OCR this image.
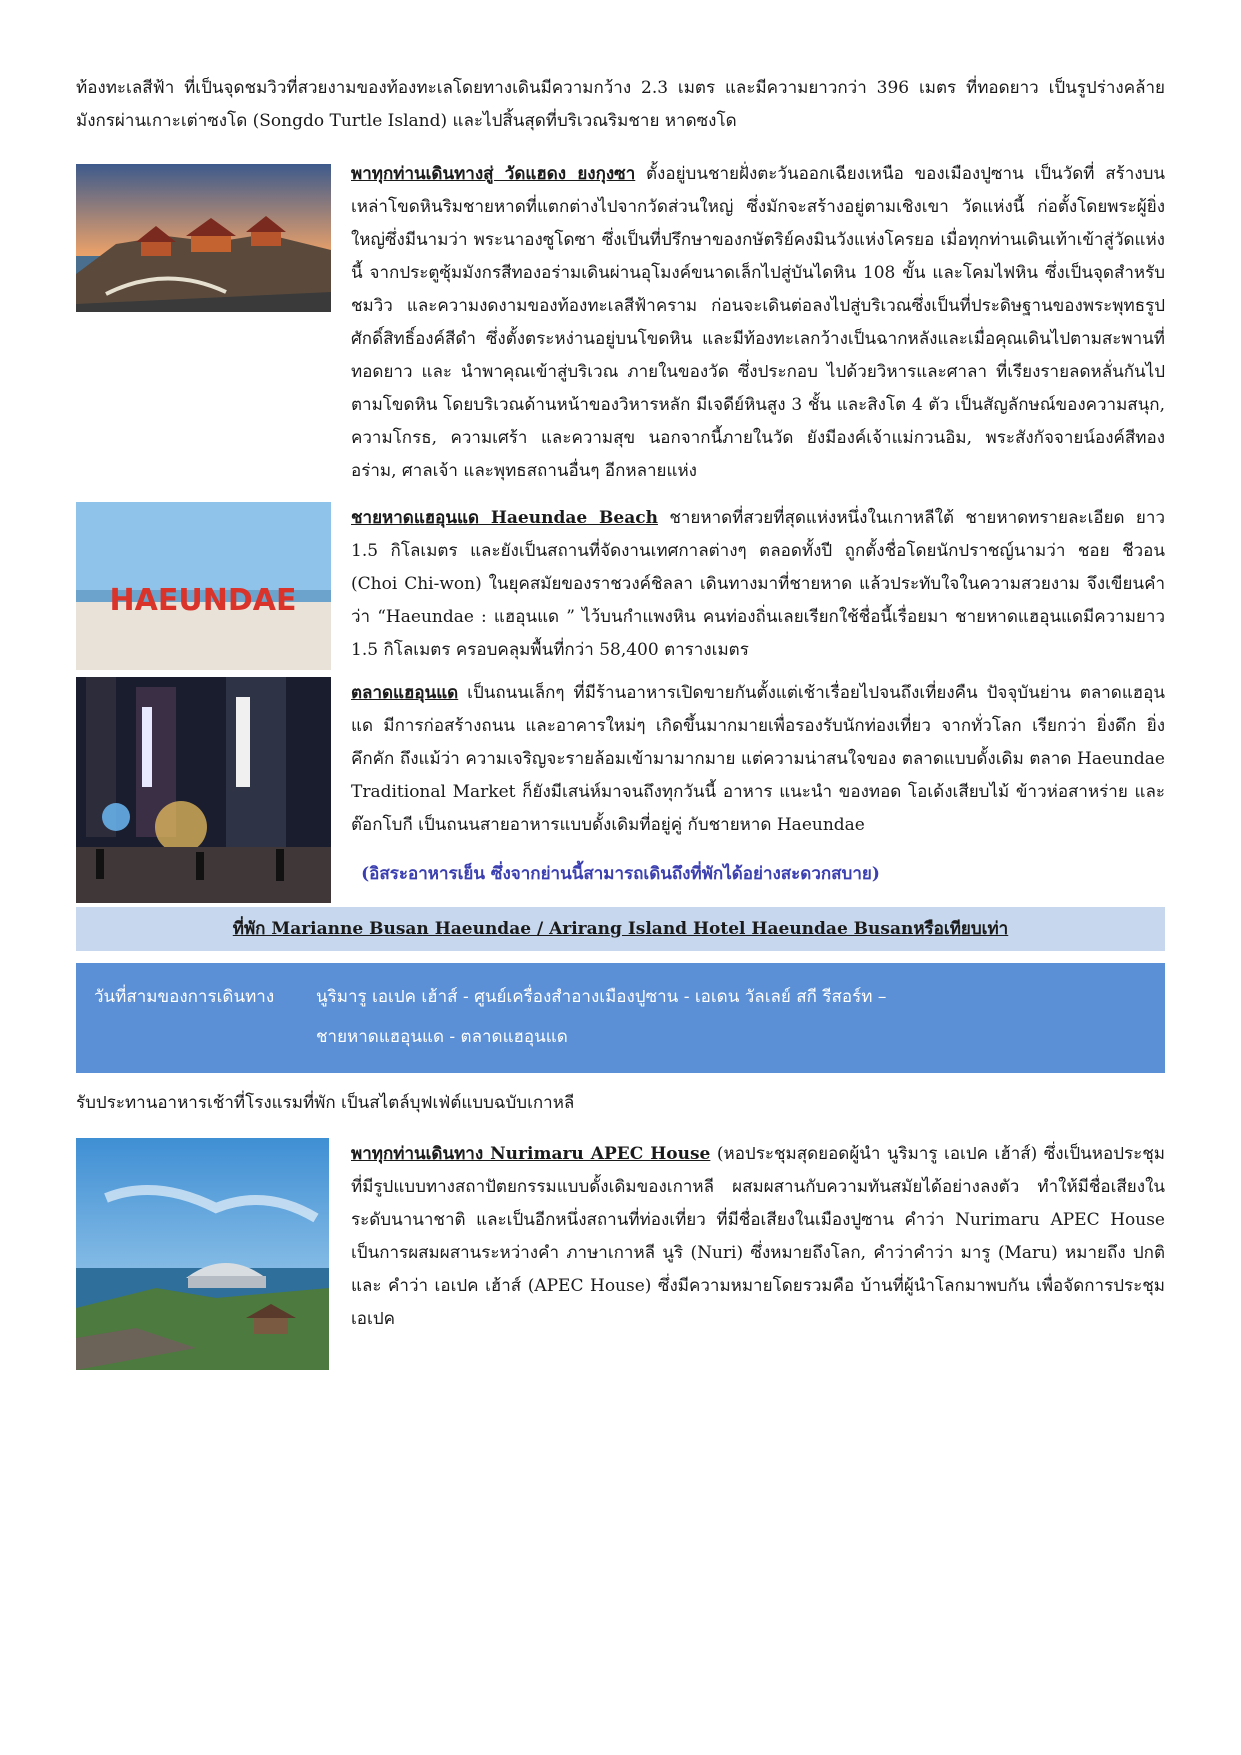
ท้องทะเลสีฟ้า ที่เป็นจุดชมวิวที่สวยงามของท้องทะเลโดยทางเดินมีความกว้าง 2.3 เมตร และมีความยาวกว่า 396 เมตร ที่ทอดยาว เป็นรูปร่างคล้ายมังกรผ่านเกาะเต่าซงโด (Songdo Turtle Island) และไปสิ้นสุดที่บริเวณริมชาย หาดซงโด

พาทุกท่านเดินทางสู่ วัดแฮดง ยงกุงซา ตั้งอยู่บนชายฝั่งตะวันออกเฉียงเหนือ ของเมืองปูซาน เป็นวัดที่ สร้างบนเหล่าโขดหินริมชายหาดที่แตกต่างไปจากวัดส่วนใหญ่ ซึ่งมักจะสร้างอยู่ตามเชิงเขา วัดแห่งนี้ ก่อตั้งโดยพระผู้ยิ่งใหญ่ซึ่งมีนามว่า พระนาองซูโดซา ซึ่งเป็นที่ปรึกษาของกษัตริย์คงมินวังแห่งโครยอ เมื่อทุกท่านเดินเท้าเข้าสู่วัดแห่งนี้ จากประตูซุ้มมังกรสีทองอร่ามเดินผ่านอุโมงค์ขนาดเล็กไปสู่บันไดหิน 108 ขั้น และโคมไฟหิน ซึ่งเป็นจุดสำหรับชมวิว และความงดงามของท้องทะเลสีฟ้าคราม ก่อนจะเดินต่อลงไปสู่บริเวณซึ่งเป็นที่ประดิษฐานของพระพุทธรูปศักดิ์สิทธิ์องค์สีดำ ซึ่งตั้งตระหง่านอยู่บนโขดหิน และมีท้องทะเลกว้างเป็นฉากหลังและเมื่อคุณเดินไปตามสะพานที่ทอดยาว และ นำพาคุณเข้าสู่บริเวณ ภายในของวัด ซึ่งประกอบ ไปด้วยวิหารและศาลา ที่เรียงรายลดหลั่นกันไปตามโขดหิน โดยบริเวณด้านหน้าของวิหารหลัก มีเจดีย์หินสูง 3 ชั้น และสิงโต 4 ตัว เป็นสัญลักษณ์ของความสนุก, ความโกรธ, ความเศร้า และความสุข นอกจากนี้ภายในวัด ยังมีองค์เจ้าแม่กวนอิม, พระสังกัจจายน์องค์สีทองอร่าม, ศาลเจ้า และพุทธสถานอื่นๆ อีกหลายแห่ง

HAEUNDAE

ชายหาดแฮอุนแด Haeundae Beach ชายหาดที่สวยที่สุดแห่งหนึ่งในเกาหลีใต้ ชายหาดทรายละเอียด ยาว 1.5 กิโลเมตร และยังเป็นสถานที่จัดงานเทศกาลต่างๆ ตลอดทั้งปี ถูกตั้งชื่อโดยนักปราชญ์นามว่า ชอย ชีวอน (Choi Chi-won) ในยุคสมัยของราชวงค์ชิลลา เดินทางมาที่ชายหาด แล้วประทับใจในความสวยงาม จึงเขียนคำว่า “Haeundae : แฮอุนแด ” ไว้บนกำแพงหิน คนท่องถิ่นเลยเรียกใช้ชื่อนี้เรื่อยมา ชายหาดแฮอุนแดมีความยาว 1.5 กิโลเมตร ครอบคลุมพื้นที่กว่า 58,400 ตารางเมตร

ตลาดแฮอุนแด เป็นถนนเล็กๆ ที่มีร้านอาหารเปิดขายกันตั้งแต่เช้าเรื่อยไปจนถึงเที่ยงคืน ปัจจุบันย่าน ตลาดแฮอุนแด มีการก่อสร้างถนน และอาคารใหม่ๆ เกิดขึ้นมากมายเพื่อรองรับนักท่องเที่ยว จากทั่วโลก เรียกว่า ยิ่งดึก ยิ่งคึกคัก ถึงแม้ว่า ความเจริญจะรายล้อมเข้ามามากมาย แต่ความน่าสนใจของ ตลาดแบบดั้งเดิม ตลาด Haeundae Traditional Market ก็ยังมีเสน่ห์มาจนถึงทุกวันนี้ อาหาร แนะนำ ของทอด โอเด้งเสียบไม้ ข้าวห่อสาหร่าย และต๊อกโบกี เป็นถนนสายอาหารแบบดั้งเดิมที่อยู่คู่ กับชายหาด Haeundae

(อิสระอาหารเย็น ซึ่งจากย่านนี้สามารถเดินถึงที่พักได้อย่างสะดวกสบาย)
ที่พัก Marianne Busan Haeundae / Arirang Island Hotel Haeundae Busanหรือเทียบเท่า
วันที่สามของการเดินทาง นูริมารู เอเปค เฮ้าส์ - ศูนย์เครื่องสำอางเมืองปูซาน - เอเดน วัลเลย์ สกี รีสอร์ท –
ชายหาดแฮอุนแด - ตลาดแฮอุนแด

รับประทานอาหารเช้าที่โรงแรมที่พัก เป็นสไตล์บุฟเฟ่ต์แบบฉบับเกาหลี

พาทุกท่านเดินทาง Nurimaru APEC House (หอประชุมสุดยอดผู้นำ นูริมารู เอเปค เฮ้าส์) ซึ่งเป็นหอประชุมที่มีรูปแบบทางสถาปัตยกรรมแบบดั้งเดิมของเกาหลี ผสมผสานกับความทันสมัยได้อย่างลงตัว ทำให้มีชื่อเสียงใน ระดับนานาชาติ และเป็นอีกหนึ่งสถานที่ท่องเที่ยว ที่มีชื่อเสียงในเมืองปูซาน คำว่า Nurimaru APEC House เป็นการผสมผสานระหว่างคำ ภาษาเกาหลี นูริ (Nuri) ซึ่งหมายถึงโลก, คำว่าคำว่า มารู (Maru) หมายถึง ปกติ และ คำว่า เอเปค เฮ้าส์ (APEC House) ซึ่งมีความหมายโดยรวมคือ บ้านที่ผู้นำโลกมาพบกัน เพื่อจัดการประชุมเอเปค
